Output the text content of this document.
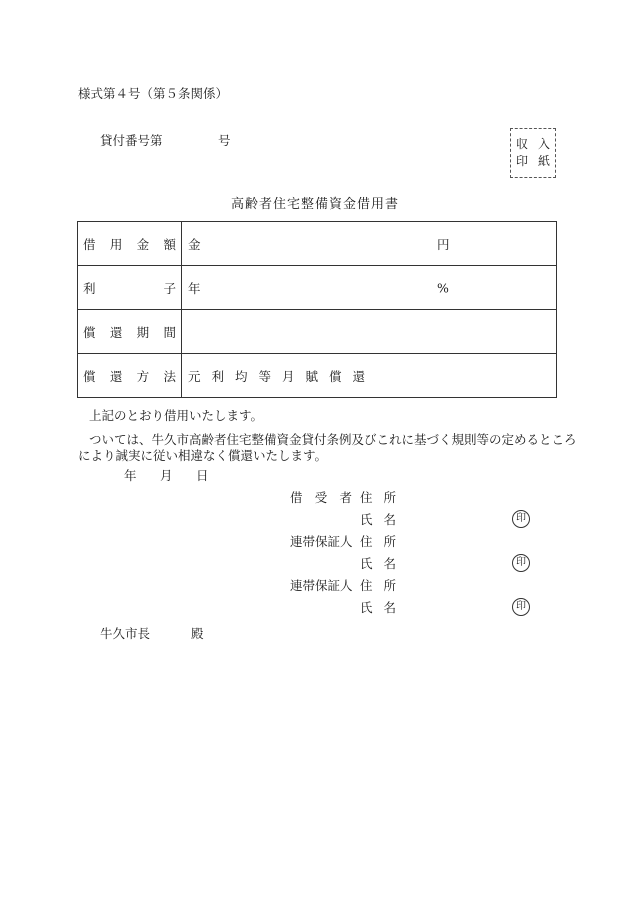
様式第４号（第５条関係）
貸付番号第	号	収 入
印 紙
高齢者住宅整備資金借用書
借 用 金 額	金 円

利 子	年 %

償 還 期 間	

償 還 方 法	元利均等月賦償還
上記のとおり借用いたします。
ついては、牛久市高齢者住宅整備資金貸付条例及びこれに基づく規則等の定めるところ
により誠実に従い相違なく償還いたします。
年 月 日
借 受 者 住 所
氏 名	印
連帯保証人 住 所
氏 名	印
連帯保証人 住 所
氏 名	印
牛久市長	殿
